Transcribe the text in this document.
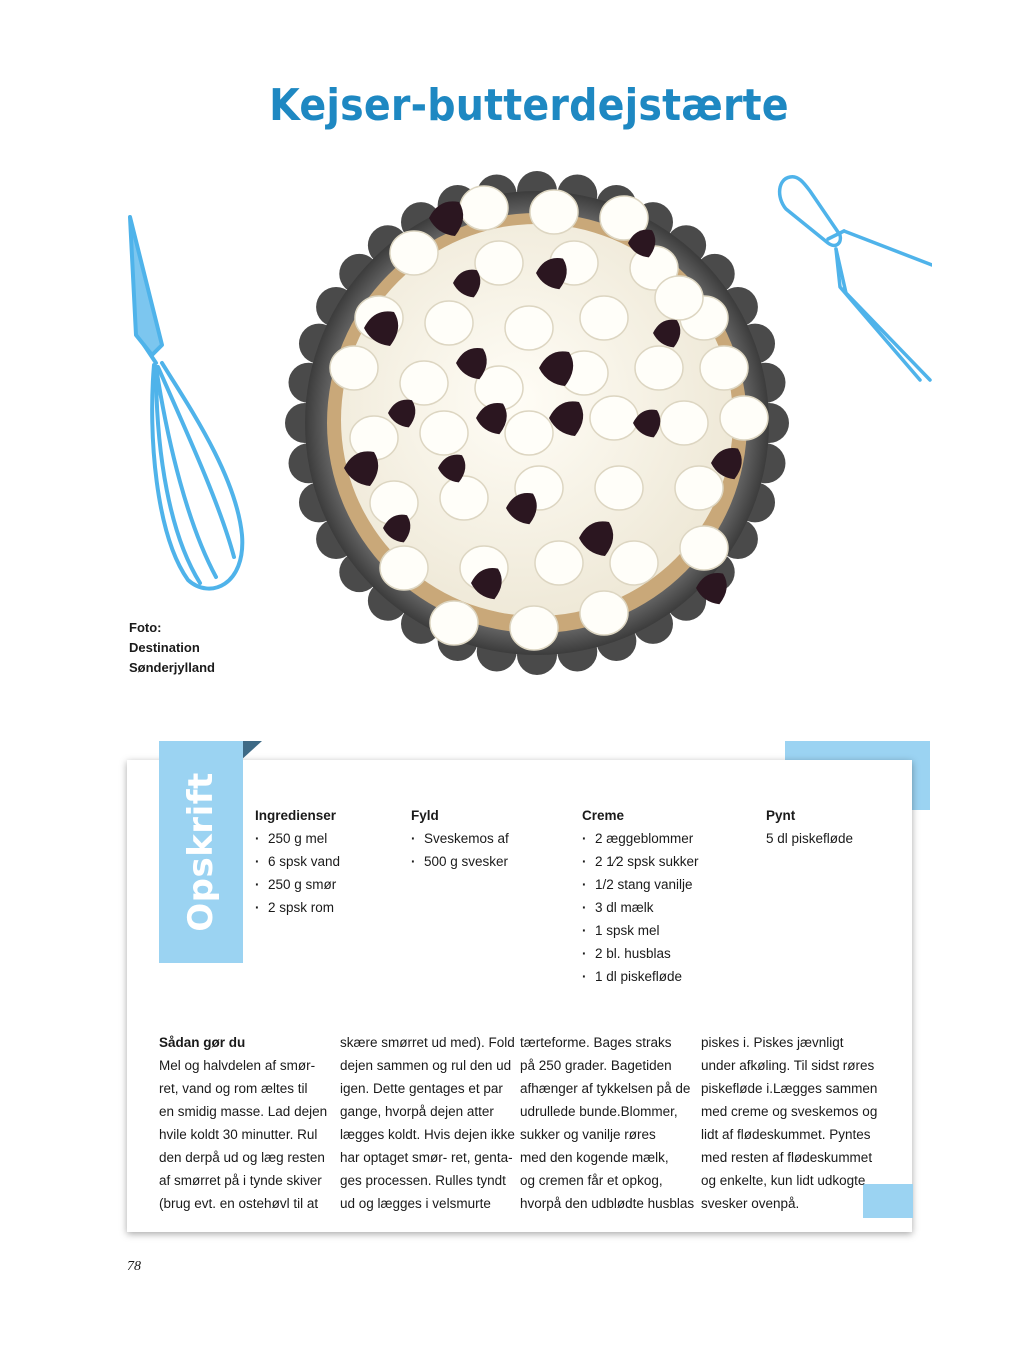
Kejser-butterdejstærte
Foto:
Destination
Sønderjylland
Opskrift	Ingredienser
· 250 g mel
· 6 spsk vand
· 250 g smør
· 2 spsk rom
Fyld
· Sveskemos af
· 500 g svesker
Creme
· 2 æggeblommer
· 2 1⁄2 spsk sukker
· 1/2 stang vanilje
· 3 dl mælk
· 1 spsk mel
· 2 bl. husblas
· 1 dl piskefløde
Pynt
5 dl piskefløde
Sådan gør du
Mel og halvdelen af smør-
ret, vand og rom æltes til
en smidig masse. Lad dejen
hvile koldt 30 minutter. Rul
den derpå ud og læg resten
af smørret på i tynde skiver
(brug evt. en ostehøvl til at
skære smørret ud med). Fold
dejen sammen og rul den ud
igen. Dette gentages et par
gange, hvorpå dejen atter
lægges koldt. Hvis dejen ikke
har optaget smør- ret, genta-
ges processen. Rulles tyndt
ud og lægges i velsmurte
tærteforme. Bages straks
på 250 grader. Bagetiden
afhænger af tykkelsen på de
udrullede bunde.Blommer,
sukker og vanilje røres
med den kogende mælk,
og cremen får et opkog,
hvorpå den udblødte husblas
piskes i. Piskes jævnligt
under afkøling. Til sidst røres
piskefløde i.Lægges sammen
med creme og sveskemos og
lidt af flødeskummet. Pyntes
med resten af flødeskummet
og enkelte, kun lidt udkogte
svesker ovenpå.
78
